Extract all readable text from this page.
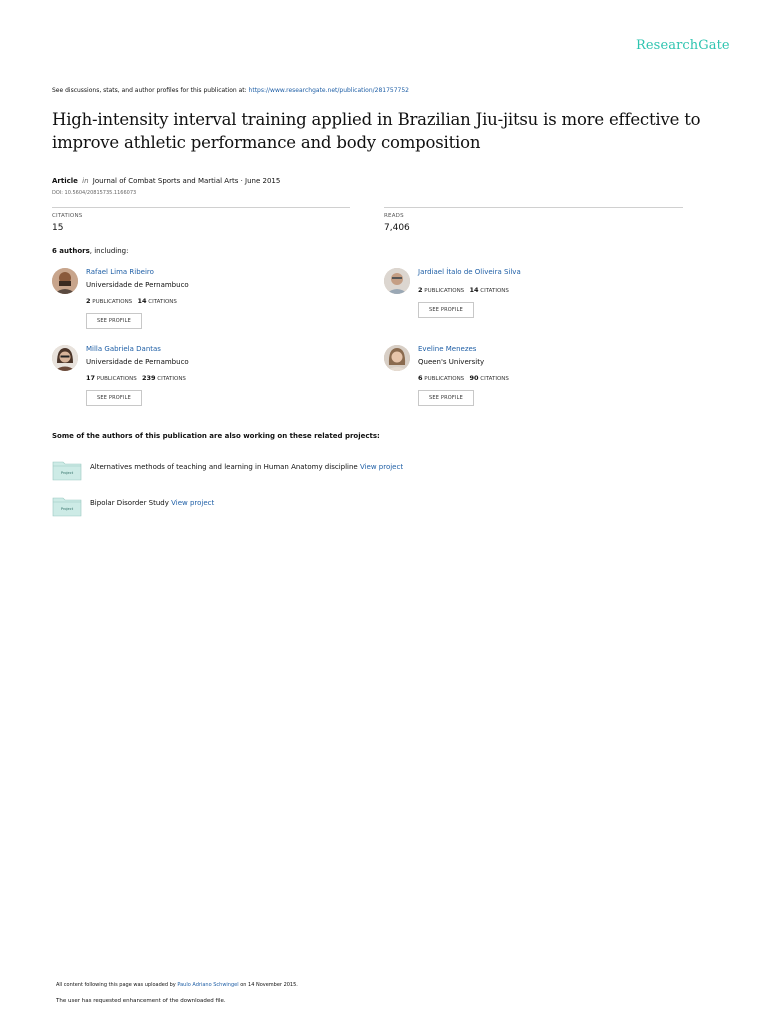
ResearchGate
See discussions, stats, and author profiles for this publication at: https://www.researchgate.net/publication/281757752
High-intensity interval training applied in Brazilian Jiu-jitsu is more effective to improve athletic performance and body composition
Article in Journal of Combat Sports and Martial Arts · June 2015
DOI: 10.5604/20815735.1166073
CITATIONS
15
READS
7,406
6 authors, including:
Rafael Lima Ribeiro
Universidade de Pernambuco
2 PUBLICATIONS 14 CITATIONS
SEE PROFILE
Jardiael Ítalo de Oliveira Silva
2 PUBLICATIONS 14 CITATIONS
SEE PROFILE
Milla Gabriela Dantas
Universidade de Pernambuco
17 PUBLICATIONS 239 CITATIONS
SEE PROFILE
Eveline Menezes
Queen's University
6 PUBLICATIONS 90 CITATIONS
SEE PROFILE
Some of the authors of this publication are also working on these related projects:
Project
Alternatives methods of teaching and learning in Human Anatomy discipline View project
Project
Bipolar Disorder Study View project
All content following this page was uploaded by Paulo Adriano Schwingel on 14 November 2015.
The user has requested enhancement of the downloaded file.
